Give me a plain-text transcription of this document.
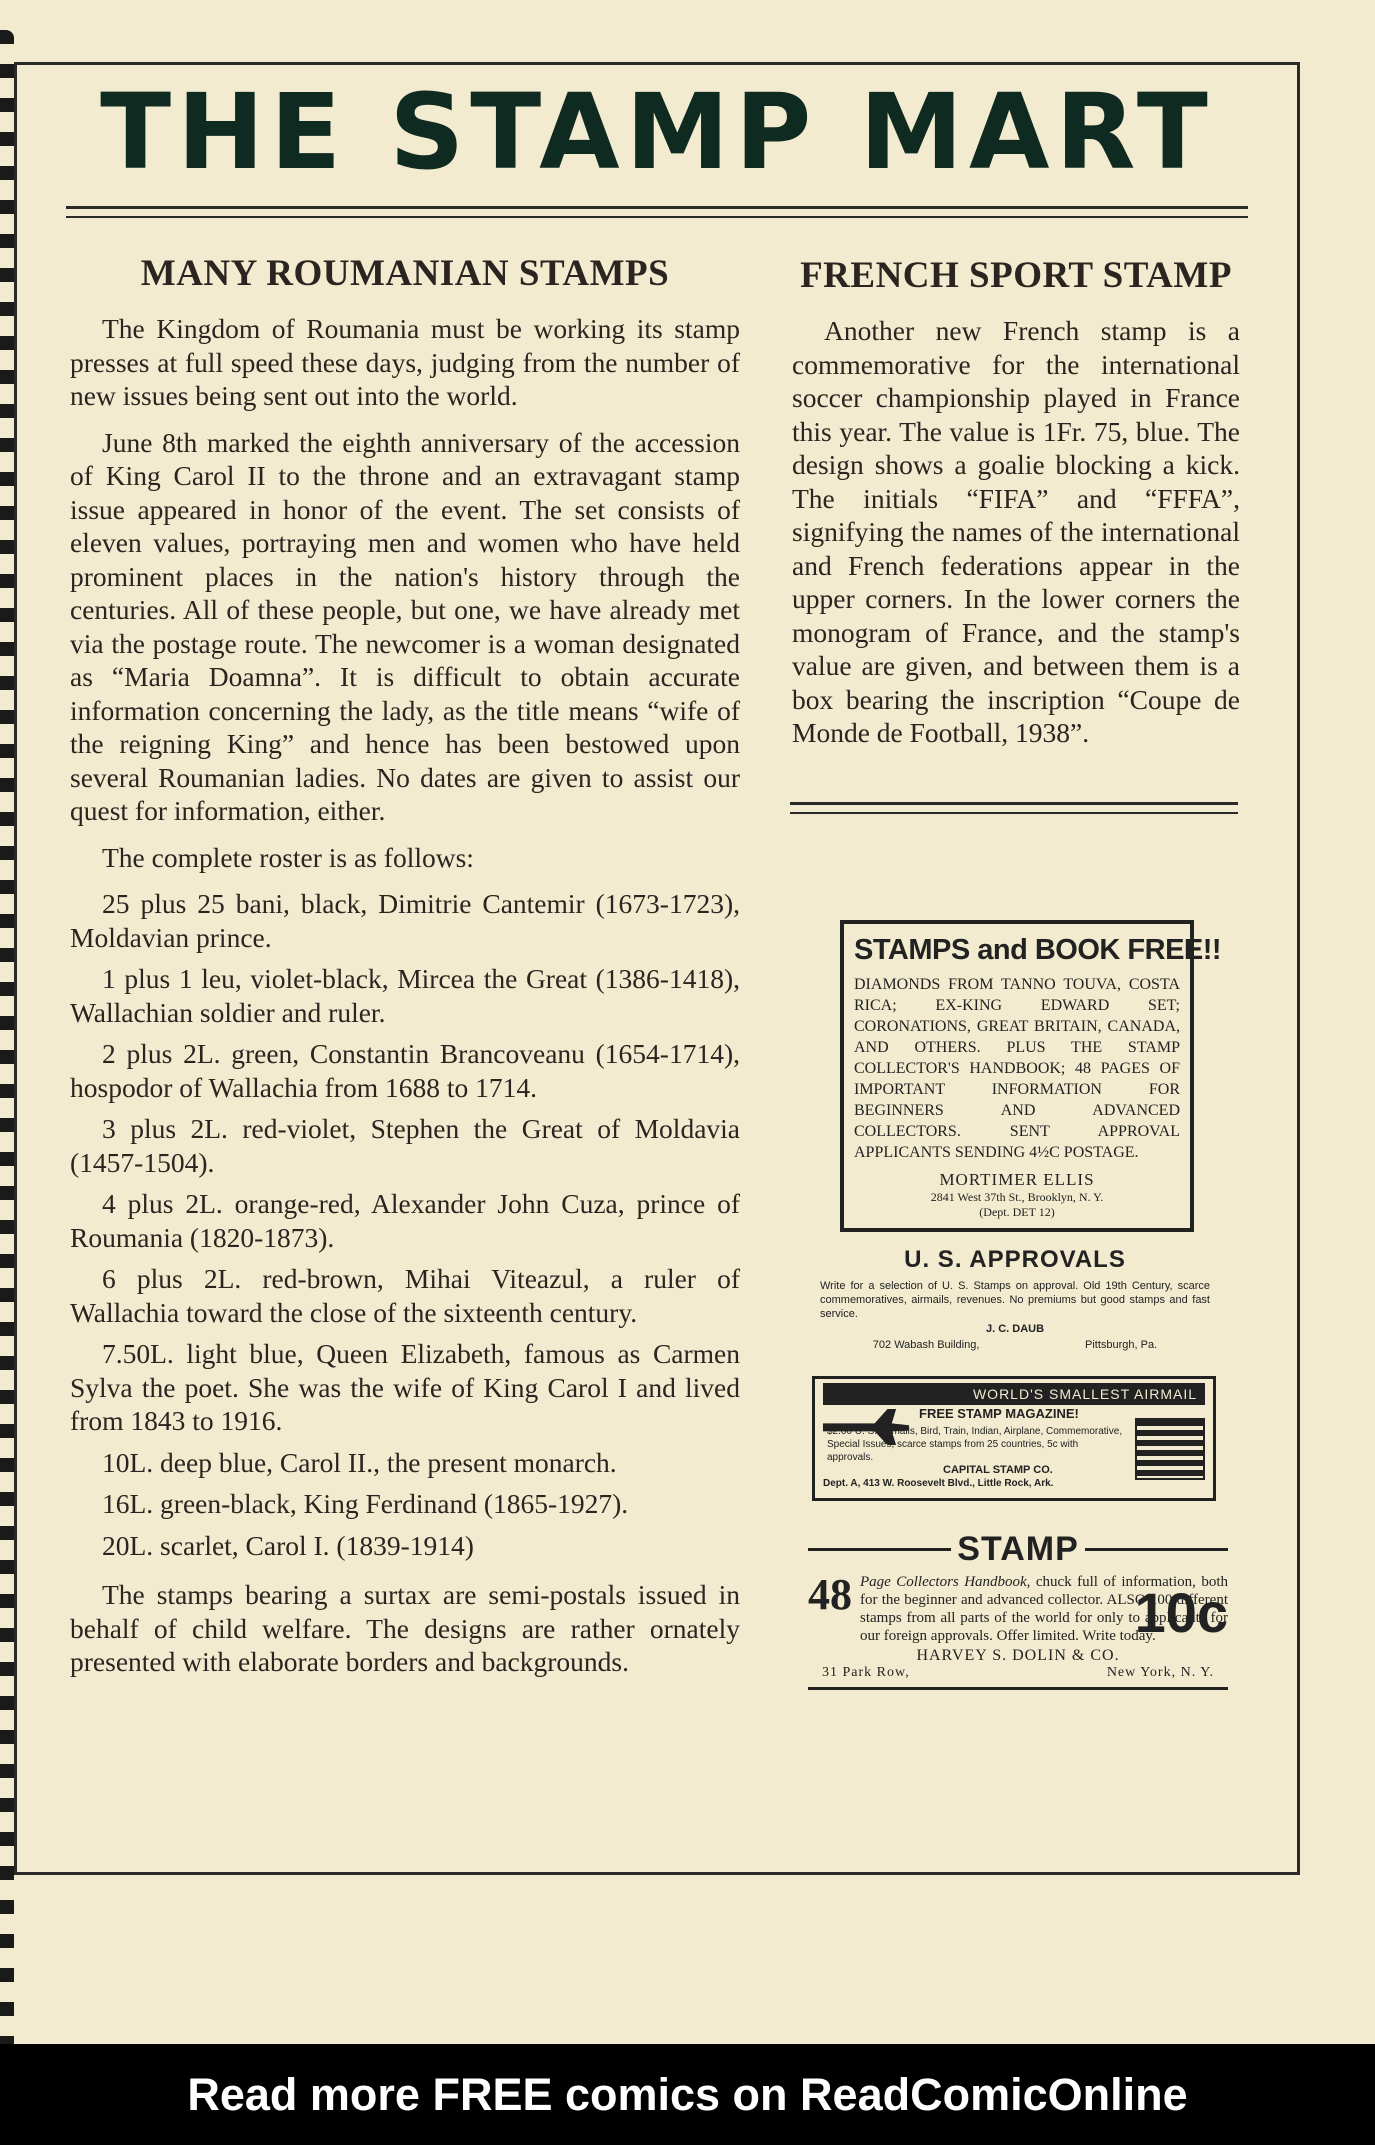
THE STAMP MART
MANY ROUMANIAN STAMPS

The Kingdom of Roumania must be working its stamp presses at full speed these days, judging from the number of new issues being sent out into the world.

June 8th marked the eighth anniversary of the accession of King Carol II to the throne and an extravagant stamp issue appeared in honor of the event. The set consists of eleven values, portraying men and women who have held prominent places in the nation's history through the centuries. All of these people, but one, we have already met via the postage route. The newcomer is a woman designated as “Maria Doamna”. It is difficult to obtain accurate information concerning the lady, as the title means “wife of the reigning King” and hence has been bestowed upon several Roumanian ladies. No dates are given to assist our quest for information, either.

The complete roster is as follows:

25 plus 25 bani, black, Dimitrie Cantemir (1673-1723), Moldavian prince.

1 plus 1 leu, violet-black, Mircea the Great (1386-1418), Wallachian soldier and ruler.

2 plus 2L. green, Constantin Brancoveanu (1654-1714), hospodor of Wallachia from 1688 to 1714.

3 plus 2L. red-violet, Stephen the Great of Moldavia (1457-1504).

4 plus 2L. orange-red, Alexander John Cuza, prince of Roumania (1820-1873).

6 plus 2L. red-brown, Mihai Viteazul, a ruler of Wallachia toward the close of the sixteenth century.

7.50L. light blue, Queen Elizabeth, famous as Carmen Sylva the poet. She was the wife of King Carol I and lived from 1843 to 1916.

10L. deep blue, Carol II., the present monarch.

16L. green-black, King Ferdinand (1865-1927).

20L. scarlet, Carol I. (1839-1914)

The stamps bearing a surtax are semi-postals issued in behalf of child welfare. The designs are rather ornately presented with elaborate borders and backgrounds.

FRENCH SPORT STAMP

Another new French stamp is a commemorative for the international soccer championship played in France this year. The value is 1Fr. 75, blue. The design shows a goalie blocking a kick. The initials “FIFA” and “FFFA”, signifying the names of the international and French federations appear in the upper corners. In the lower corners the monogram of France, and the stamp's value are given, and between them is a box bearing the inscription “Coupe de Monde de Football, 1938”.

STAMPS and BOOK FREE!!
DIAMONDS FROM TANNO TOUVA, COSTA RICA; EX-KING EDWARD SET; CORONATIONS, GREAT BRITAIN, CANADA, AND OTHERS. PLUS THE STAMP COLLECTOR'S HANDBOOK; 48 PAGES OF IMPORTANT INFORMATION FOR BEGINNERS AND ADVANCED COLLECTORS. SENT APPROVAL APPLICANTS SENDING 4½C POSTAGE.
MORTIMER ELLIS
2841 West 37th St., Brooklyn, N. Y.
(Dept. DET 12)
U. S. APPROVALS
Write for a selection of U. S. Stamps on approval. Old 19th Century, scarce commemoratives, airmails, revenues. No premiums but good stamps and fast service.
J. C. DAUB
702 Wabash Building,	Pittsburgh, Pa.
WORLD'S SMALLEST AIRMAIL
FREE STAMP MAGAZINE!
$2.00 U. S. Airmails, Bird, Train, Indian, Airplane, Commemorative, Special Issues, scarce stamps from 25 countries, 5c with approvals.
CAPITAL STAMP CO.
Dept. A, 413 W. Roosevelt Blvd., Little Rock, Ark.
STAMP
48 Page Collectors Handbook, chuck full of information, both for the beginner and advanced collector. ALSO 100 different stamps from all parts of the world for only to applicants for our foreign approvals. Offer limited. Write today.
10c
HARVEY S. DOLIN & CO.
31 Park Row,	New York, N. Y.
Read more FREE comics on ReadComicOnline
